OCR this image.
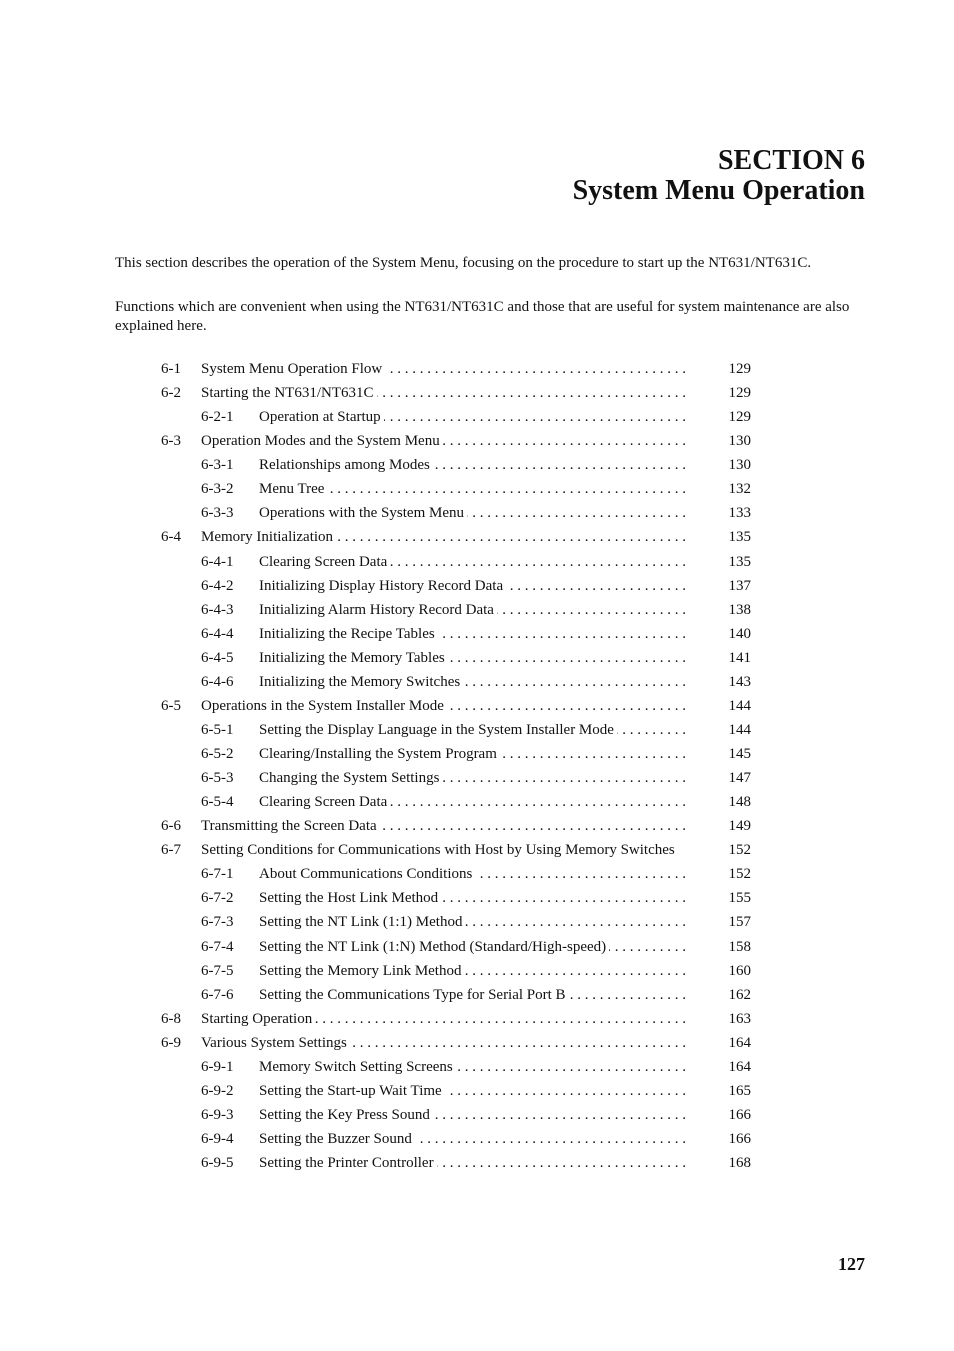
SECTION 6
System Menu Operation

This section describes the operation of the System Menu, focusing on the procedure to start up the NT631/NT631C.

Functions which are convenient when using the NT631/NT631C and those that are useful for system maintenance are also explained here.

6-1 System Menu Operation Flow . . .	129
6-2 Starting the NT631/NT631C . . .	129
6-2-1 Operation at Startup . . .	129
6-3 Operation Modes and the System Menu . . .	130
6-3-1 Relationships among Modes . . .	130
6-3-2 Menu Tree . . .	132
6-3-3 Operations with the System Menu . . .	133
6-4 Memory Initialization . . .	135
6-4-1 Clearing Screen Data . . .	135
6-4-2 Initializing Display History Record Data . . .	137
6-4-3 Initializing Alarm History Record Data . . .	138
6-4-4 Initializing the Recipe Tables . . .	140
6-4-5 Initializing the Memory Tables . . .	141
6-4-6 Initializing the Memory Switches . . .	143
6-5 Operations in the System Installer Mode . . .	144
6-5-1 Setting the Display Language in the System Installer Mode . . .	144
6-5-2 Clearing/Installing the System Program . . .	145
6-5-3 Changing the System Settings . . .	147
6-5-4 Clearing Screen Data . . .	148
6-6 Transmitting the Screen Data . . .	149
6-7 Setting Conditions for Communications with Host by Using Memory Switches	152
6-7-1 About Communications Conditions . . .	152
6-7-2 Setting the Host Link Method . . .	155
6-7-3 Setting the NT Link (1:1) Method . . .	157
6-7-4 Setting the NT Link (1:N) Method (Standard/High-speed) . . .	158
6-7-5 Setting the Memory Link Method . . .	160
6-7-6 Setting the Communications Type for Serial Port B . . .	162
6-8 Starting Operation . . .	163
6-9 Various System Settings . . .	164
6-9-1 Memory Switch Setting Screens . . .	164
6-9-2 Setting the Start-up Wait Time . . .	165
6-9-3 Setting the Key Press Sound . . .	166
6-9-4 Setting the Buzzer Sound . . .	166
6-9-5 Setting the Printer Controller . . .	168
127
